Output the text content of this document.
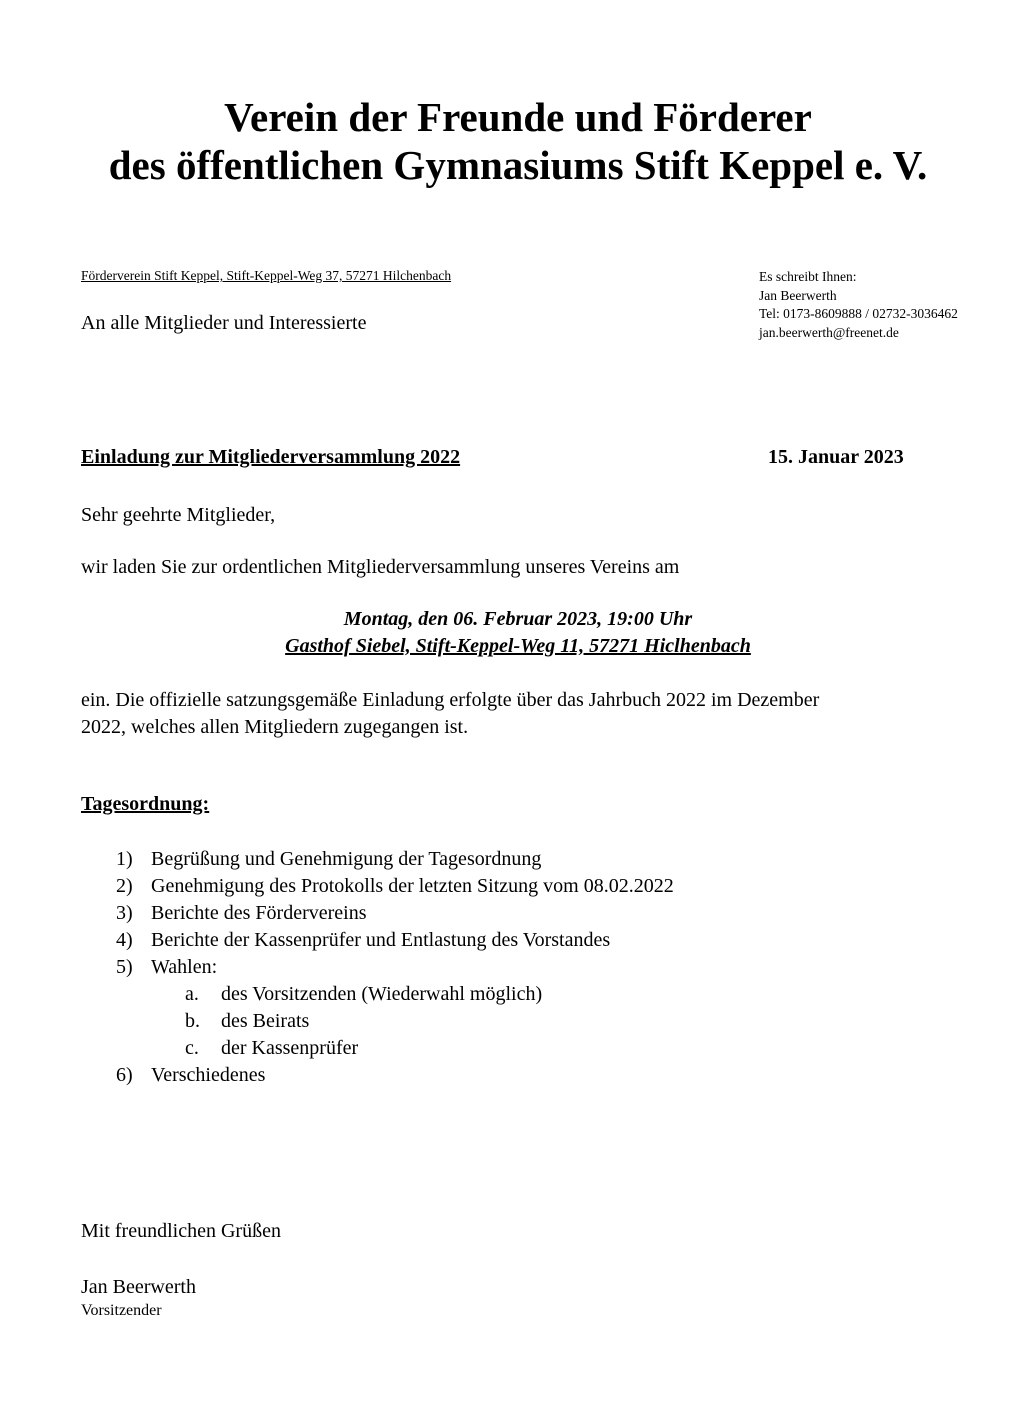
Verein der Freunde und Förderer
des öffentlichen Gymnasiums Stift Keppel e. V.
Förderverein Stift Keppel, Stift-Keppel-Weg 37, 57271 Hilchenbach
An alle Mitglieder und Interessierte
Es schreibt Ihnen:
Jan Beerwerth
Tel: 0173-8609888 / 02732-3036462
jan.beerwerth@freenet.de
Einladung zur Mitgliederversammlung 2022	15. Januar 2023
Sehr geehrte Mitglieder,
wir laden Sie zur ordentlichen Mitgliederversammlung unseres Vereins am
Montag, den 06. Februar 2023, 19:00 Uhr
Gasthof Siebel, Stift-Keppel-Weg 11, 57271 Hiclhenbach
ein. Die offizielle satzungsgemäße Einladung erfolgte über das Jahrbuch 2022 im Dezember
2022, welches allen Mitgliedern zugegangen ist.
Tagesordnung:
1) Begrüßung und Genehmigung der Tagesordnung
2) Genehmigung des Protokolls der letzten Sitzung vom 08.02.2022
3) Berichte des Fördervereins
4) Berichte der Kassenprüfer und Entlastung des Vorstandes
5) Wahlen:
a.	des Vorsitzenden (Wiederwahl möglich)
b.	des Beirats
c.	der Kassenprüfer
6) Verschiedenes
Mit freundlichen Grüßen
Jan Beerwerth
Vorsitzender
